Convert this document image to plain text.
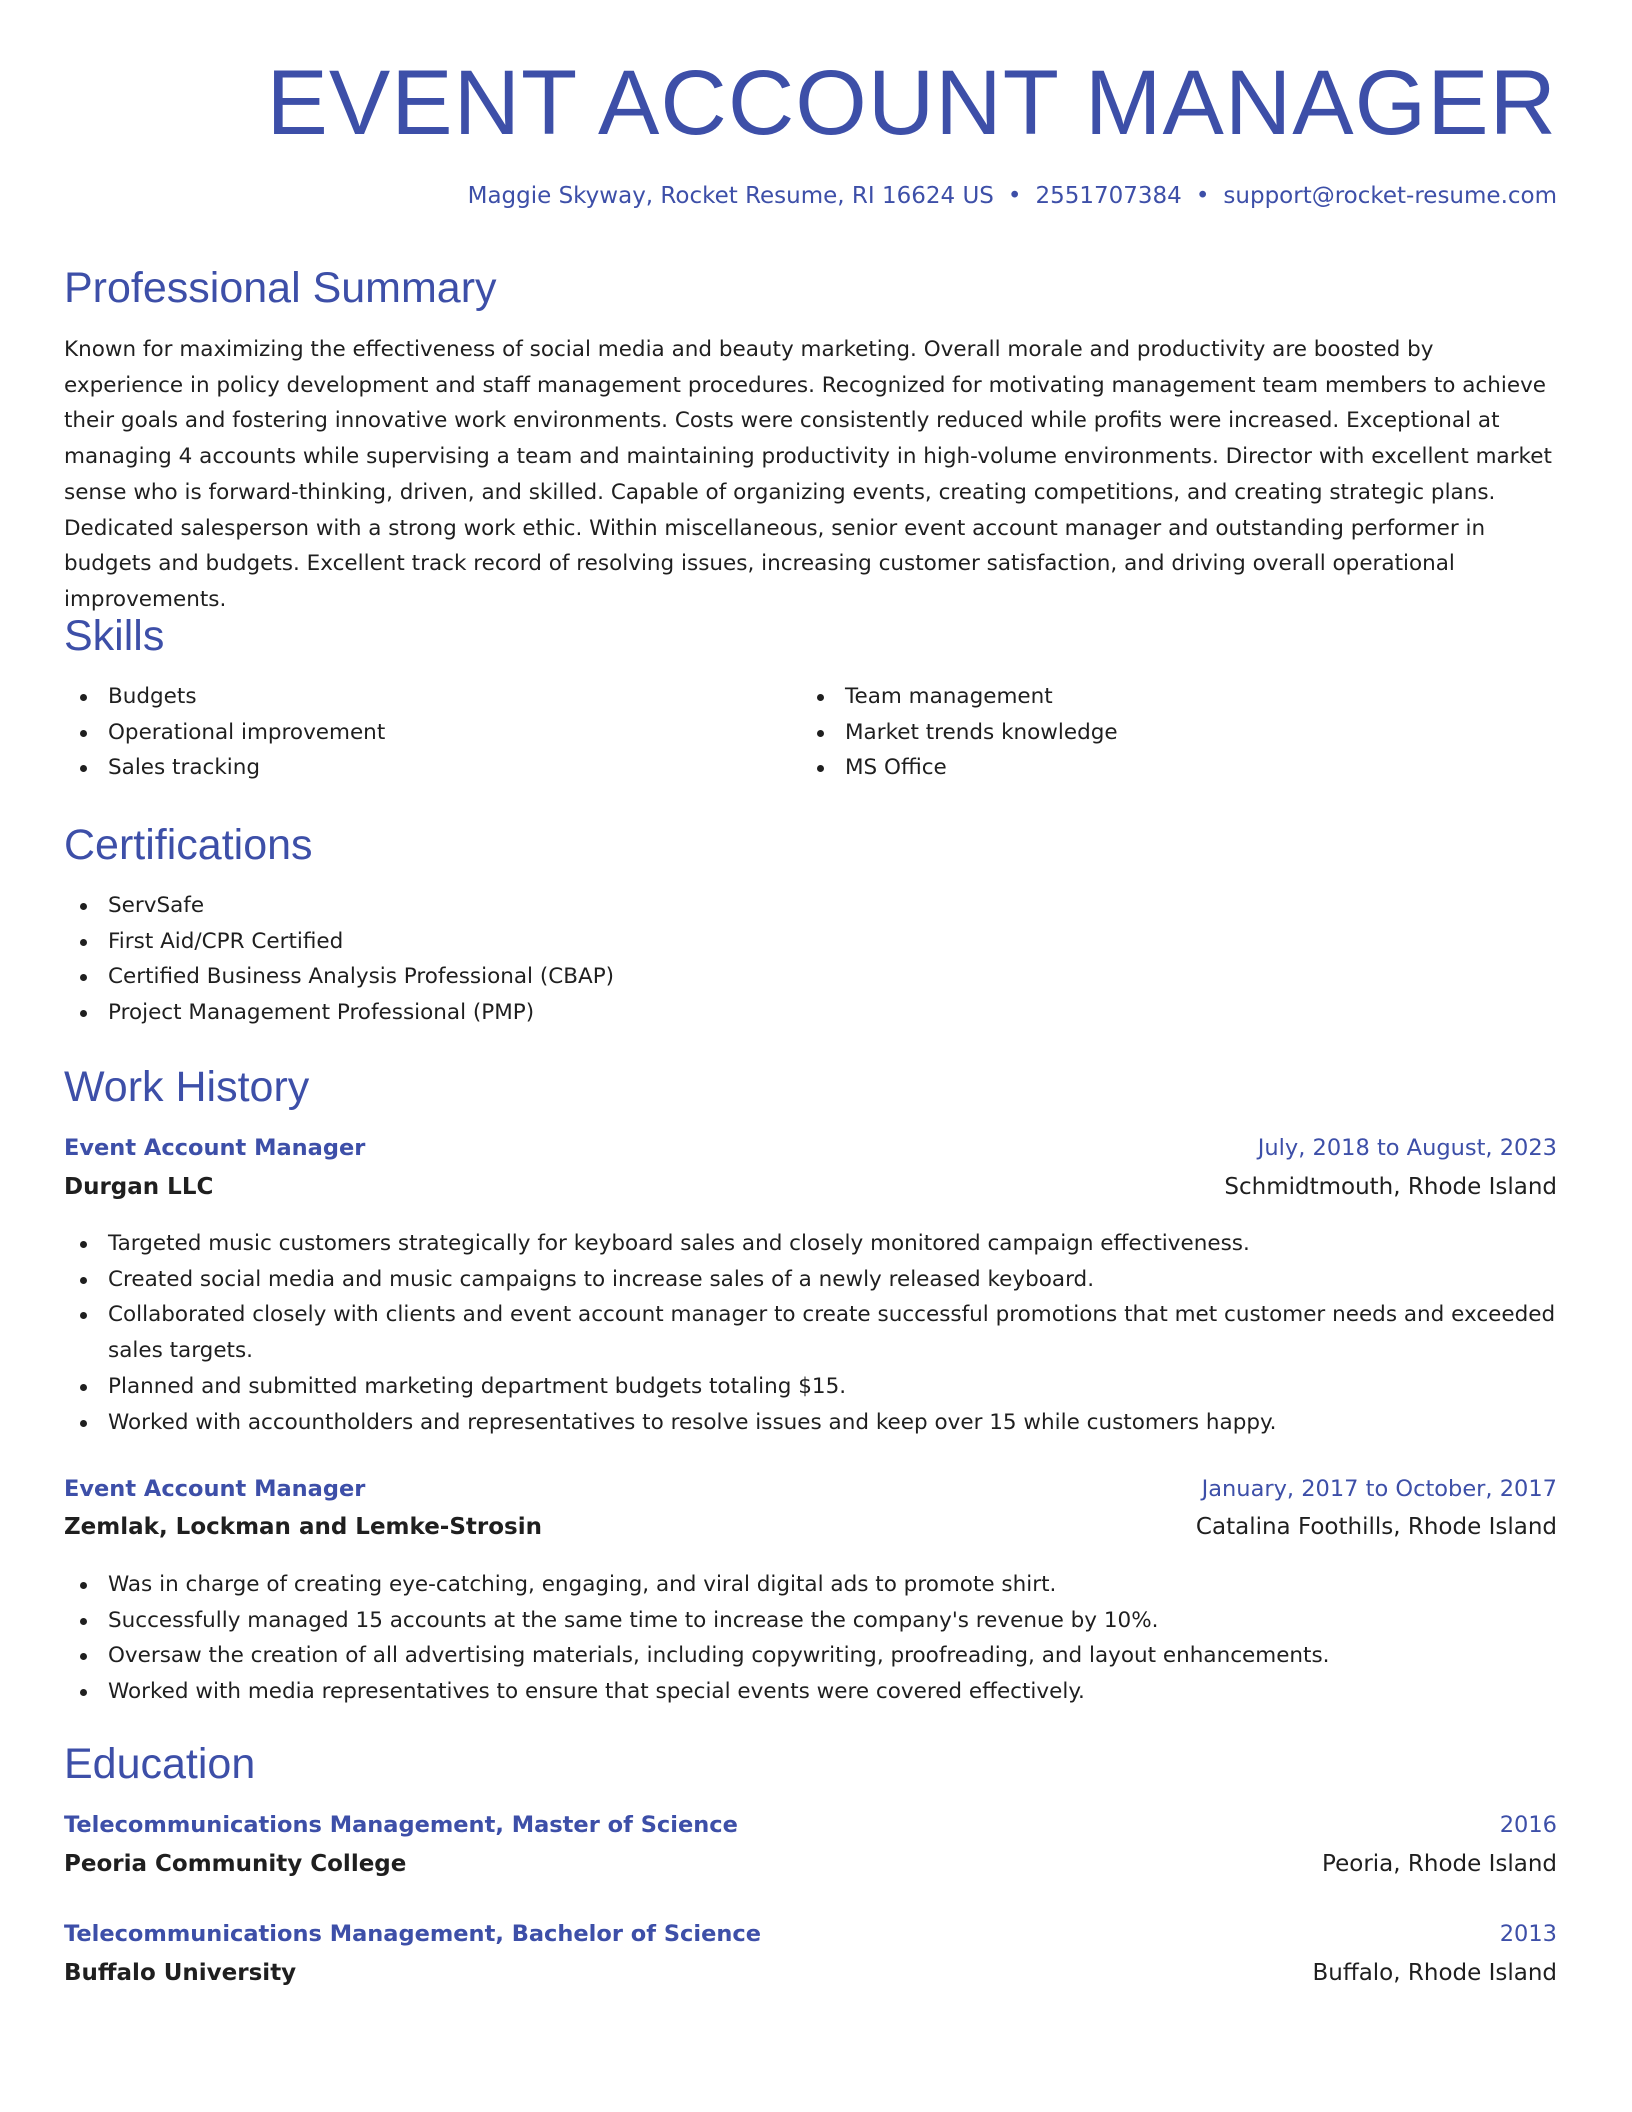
EVENT ACCOUNT MANAGER
Maggie Skyway, Rocket Resume, RI 16624 US • 2551707384 • support@rocket-resume.com
Professional Summary

Known for maximizing the effectiveness of social media and beauty marketing. Overall morale and productivity are boosted by experience in policy development and staff management procedures. Recognized for motivating management team members to achieve their goals and fostering innovative work environments. Costs were consistently reduced while profits were increased. Exceptional at managing 4 accounts while supervising a team and maintaining productivity in high-volume environments. Director with excellent market sense who is forward-thinking, driven, and skilled. Capable of organizing events, creating competitions, and creating strategic plans. Dedicated salesperson with a strong work ethic. Within miscellaneous, senior event account manager and outstanding performer in budgets and budgets. Excellent track record of resolving issues, increasing customer satisfaction, and driving overall operational improvements.

Skills
Budgets
Operational improvement
Sales tracking
Team management
Market trends knowledge
MS Office
Certifications
ServSafe
First Aid/CPR Certified
Certified Business Analysis Professional (CBAP)
Project Management Professional (PMP)
Work History
Event Account Manager	July, 2018 to August, 2023
Durgan LLC	Schmidtmouth, Rhode Island
Targeted music customers strategically for keyboard sales and closely monitored campaign effectiveness.
Created social media and music campaigns to increase sales of a newly released keyboard.
Collaborated closely with clients and event account manager to create successful promotions that met customer needs and exceeded sales targets.
Planned and submitted marketing department budgets totaling $15.
Worked with accountholders and representatives to resolve issues and keep over 15 while customers happy.
Event Account Manager	January, 2017 to October, 2017
Zemlak, Lockman and Lemke-Strosin	Catalina Foothills, Rhode Island
Was in charge of creating eye-catching, engaging, and viral digital ads to promote shirt.
Successfully managed 15 accounts at the same time to increase the company's revenue by 10%.
Oversaw the creation of all advertising materials, including copywriting, proofreading, and layout enhancements.
Worked with media representatives to ensure that special events were covered effectively.
Education
Telecommunications Management, Master of Science	2016
Peoria Community College	Peoria, Rhode Island
Telecommunications Management, Bachelor of Science	2013
Buffalo University	Buffalo, Rhode Island
